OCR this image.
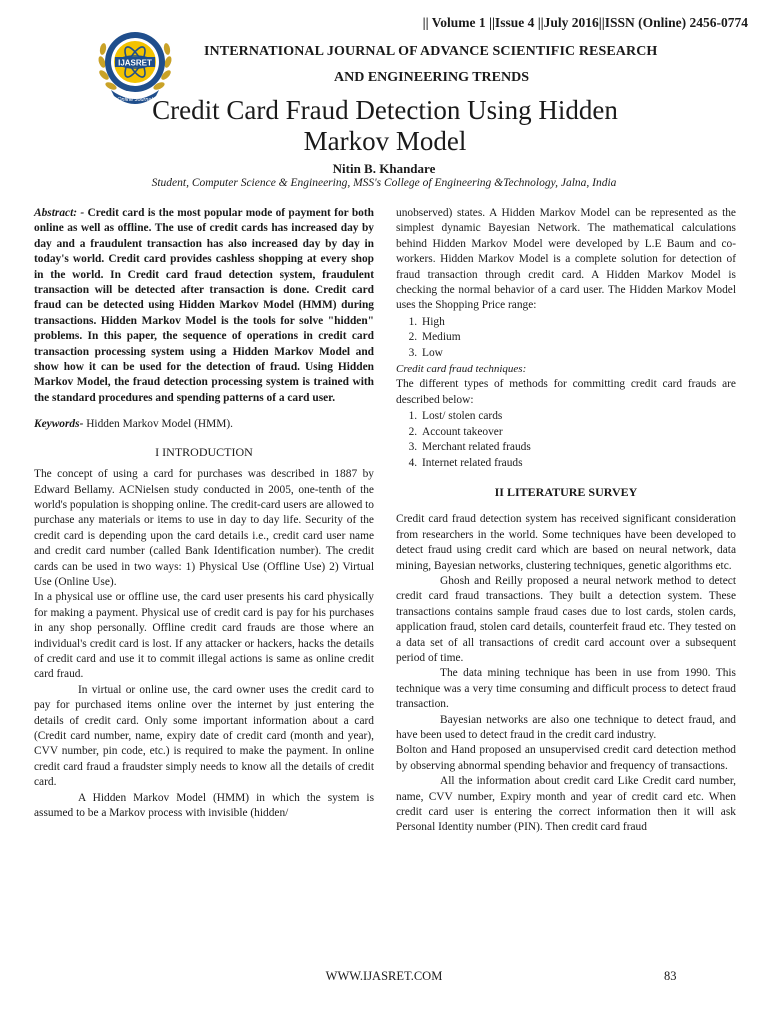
|| Volume 1 ||Issue 4 ||July 2016||ISSN (Online) 2456-0774
IJASRET
Online Journal
INTERNATIONAL JOURNAL OF ADVANCE SCIENTIFIC RESEARCH
AND ENGINEERING TRENDS
Credit Card Fraud Detection Using Hidden Markov Model
Nitin B. Khandare
Student, Computer Science & Engineering, MSS's College of Engineering &Technology, Jalna, India

Abstract: - Credit card is the most popular mode of payment for both online as well as offline. The use of credit cards has increased day by day and a fraudulent transaction has also increased day by day in today's world. Credit card provides cashless shopping at every shop in the world. In Credit card fraud detection system, fraudulent transaction will be detected after transaction is done. Credit card fraud can be detected using Hidden Markov Model (HMM) during transactions. Hidden Markov Model is the tools for solve "hidden" problems. In this paper, the sequence of operations in credit card transaction processing system using a Hidden Markov Model and show how it can be used for the detection of fraud. Using Hidden Markov Model, the fraud detection processing system is trained with the standard procedures and spending patterns of a card user.

Keywords- Hidden Markov Model (HMM).

I INTRODUCTION

The concept of using a card for purchases was described in 1887 by Edward Bellamy. ACNielsen study conducted in 2005, one-tenth of the world's population is shopping online. The credit-card users are allowed to purchase any materials or items to use in day to day life. Security of the credit card is depending upon the card details i.e., credit card user name and credit card number (called Bank Identification number). The credit cards can be used in two ways: 1) Physical Use (Offline Use) 2) Virtual Use (Online Use).

In a physical use or offline use, the card user presents his card physically for making a payment. Physical use of credit card is pay for his purchases in any shop personally. Offline credit card frauds are those where an individual's credit card is lost. If any attacker or hackers, hacks the details of credit card and use it to commit illegal actions is same as online credit card fraud.

In virtual or online use, the card owner uses the credit card to pay for purchased items online over the internet by just entering the details of credit card. Only some important information about a card (Credit card number, name, expiry date of credit card (month and year), CVV number, pin code, etc.) is required to make the payment. In online credit card fraud a fraudster simply needs to know all the details of credit card.

A Hidden Markov Model (HMM) in which the system is assumed to be a Markov process with invisible (hidden/

unobserved) states. A Hidden Markov Model can be represented as the simplest dynamic Bayesian Network. The mathematical calculations behind Hidden Markov Model were developed by L.E Baum and co-workers. Hidden Markov Model is a complete solution for detection of fraud transaction through credit card. A Hidden Markov Model is checking the normal behavior of a card user. The Hidden Markov Model uses the Shopping Price range:

1. High
2. Medium
3. Low
Credit card fraud techniques:

The different types of methods for committing credit card frauds are described below:

1. Lost/ stolen cards
2. Account takeover
3. Merchant related frauds
4. Internet related frauds
II LITERATURE SURVEY

Credit card fraud detection system has received significant consideration from researchers in the world. Some techniques have been developed to detect fraud using credit card which are based on neural network, data mining, Bayesian networks, clustering techniques, genetic algorithms etc.

Ghosh and Reilly proposed a neural network method to detect credit card fraud transactions. They built a detection system. These transactions contains sample fraud cases due to lost cards, stolen cards, application fraud, stolen card details, counterfeit fraud etc. They tested on a data set of all transactions of credit card account over a subsequent period of time.

The data mining technique has been in use from 1990. This technique was a very time consuming and difficult process to detect fraud transaction.

Bayesian networks are also one technique to detect fraud, and have been used to detect fraud in the credit card industry.

Bolton and Hand proposed an unsupervised credit card detection method by observing abnormal spending behavior and frequency of transactions.

All the information about credit card Like Credit card number, name, CVV number, Expiry month and year of credit card etc. When credit card user is entering the correct information then it will ask Personal Identity number (PIN). Then credit card fraud

WWW.IJASRET.COM	83
